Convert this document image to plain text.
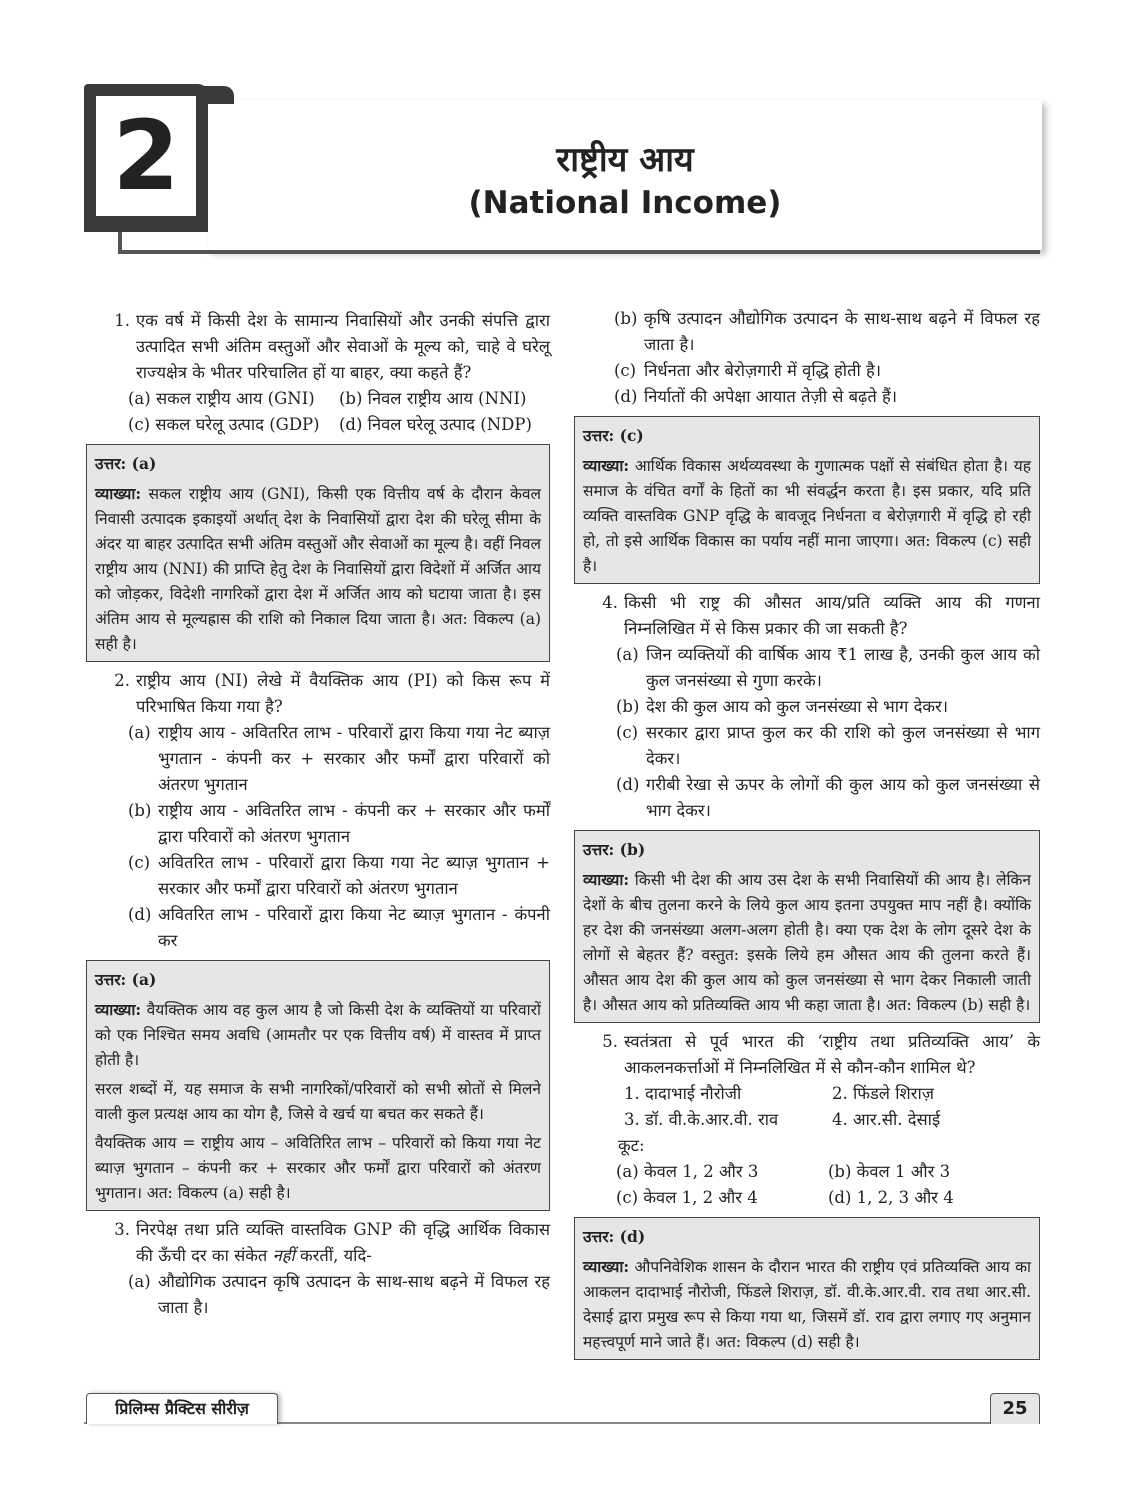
2	राष्ट्रीय आय
(National Income)
1. एक वर्ष में किसी देश के सामान्य निवासियों और उनकी संपत्ति द्वारा उत्पादित सभी अंतिम वस्तुओं और सेवाओं के मूल्य को, चाहे वे घरेलू राज्यक्षेत्र के भीतर परिचालित हों या बाहर, क्या कहते हैं?
(a) सकल राष्ट्रीय आय (GNI)	(b) निवल राष्ट्रीय आय (NNI)
(c) सकल घरेलू उत्पाद (GDP)	(d) निवल घरेलू उत्पाद (NDP)

उत्तर: (a)

व्याख्या: सकल राष्ट्रीय आय (GNI), किसी एक वित्तीय वर्ष के दौरान केवल निवासी उत्पादक इकाइयों अर्थात् देश के निवासियों द्वारा देश की घरेलू सीमा के अंदर या बाहर उत्पादित सभी अंतिम वस्तुओं और सेवाओं का मूल्य है। वहीं निवल राष्ट्रीय आय (NNI) की प्राप्ति हेतु देश के निवासियों द्वारा विदेशों में अर्जित आय को जोड़कर, विदेशी नागरिकों द्वारा देश में अर्जित आय को घटाया जाता है। इस अंतिम आय से मूल्यह्रास की राशि को निकाल दिया जाता है। अत: विकल्प (a) सही है।

2. राष्ट्रीय आय (NI) लेखे में वैयक्तिक आय (PI) को किस रूप में परिभाषित किया गया है?
(a) राष्ट्रीय आय - अवितरित लाभ - परिवारों द्वारा किया गया नेट ब्याज़ भुगतान - कंपनी कर + सरकार और फर्मों द्वारा परिवारों को अंतरण भुगतान
(b) राष्ट्रीय आय - अवितरित लाभ - कंपनी कर + सरकार और फर्मों द्वारा परिवारों को अंतरण भुगतान
(c) अवितरित लाभ - परिवारों द्वारा किया गया नेट ब्याज़ भुगतान + सरकार और फर्मों द्वारा परिवारों को अंतरण भुगतान
(d) अवितरित लाभ - परिवारों द्वारा किया नेट ब्याज़ भुगतान - कंपनी कर

उत्तर: (a)

व्याख्या: वैयक्तिक आय वह कुल आय है जो किसी देश के व्यक्तियों या परिवारों को एक निश्चित समय अवधि (आमतौर पर एक वित्तीय वर्ष) में वास्तव में प्राप्त होती है।

सरल शब्दों में, यह समाज के सभी नागरिकों/परिवारों को सभी स्रोतों से मिलने वाली कुल प्रत्यक्ष आय का योग है, जिसे वे खर्च या बचत कर सकते हैं।

वैयक्तिक आय = राष्ट्रीय आय – अवितिरित लाभ – परिवारों को किया गया नेट ब्याज़ भुगतान – कंपनी कर + सरकार और फर्मों द्वारा परिवारों को अंतरण भुगतान। अत: विकल्प (a) सही है।

3. निरपेक्ष तथा प्रति व्यक्ति वास्तविक GNP की वृद्धि आर्थिक विकास की ऊँची दर का संकेत नहीं करतीं, यदि-
(a) औद्योगिक उत्पादन कृषि उत्पादन के साथ-साथ बढ़ने में विफल रह जाता है।
(b) कृषि उत्पादन औद्योगिक उत्पादन के साथ-साथ बढ़ने में विफल रह जाता है।
(c) निर्धनता और बेरोज़गारी में वृद्धि होती है।
(d) निर्यातों की अपेक्षा आयात तेज़ी से बढ़ते हैं।

उत्तर: (c)

व्याख्या: आर्थिक विकास अर्थव्यवस्था के गुणात्मक पक्षों से संबंधित होता है। यह समाज के वंचित वर्गों के हितों का भी संवर्द्धन करता है। इस प्रकार, यदि प्रति व्यक्ति वास्तविक GNP वृद्धि के बावजूद निर्धनता व बेरोज़गारी में वृद्धि हो रही हो, तो इसे आर्थिक विकास का पर्याय नहीं माना जाएगा। अत: विकल्प (c) सही है।

4. किसी भी राष्ट्र की औसत आय/प्रति व्यक्ति आय की गणना निम्नलिखित में से किस प्रकार की जा सकती है?
(a) जिन व्यक्तियों की वार्षिक आय ₹1 लाख है, उनकी कुल आय को कुल जनसंख्या से गुणा करके।
(b) देश की कुल आय को कुल जनसंख्या से भाग देकर।
(c) सरकार द्वारा प्राप्त कुल कर की राशि को कुल जनसंख्या से भाग देकर।
(d) गरीबी रेखा से ऊपर के लोगों की कुल आय को कुल जनसंख्या से भाग देकर।

उत्तर: (b)

व्याख्या: किसी भी देश की आय उस देश के सभी निवासियों की आय है। लेकिन देशों के बीच तुलना करने के लिये कुल आय इतना उपयुक्त माप नहीं है। क्योंकि हर देश की जनसंख्या अलग-अलग होती है। क्या एक देश के लोग दूसरे देश के लोगों से बेहतर हैं? वस्तुत: इसके लिये हम औसत आय की तुलना करते हैं। औसत आय देश की कुल आय को कुल जनसंख्या से भाग देकर निकाली जाती है। औसत आय को प्रतिव्यक्ति आय भी कहा जाता है। अत: विकल्प (b) सही है।

5. स्वतंत्रता से पूर्व भारत की ‘राष्ट्रीय तथा प्रतिव्यक्ति आय’ के आकलनकर्त्ताओं में निम्नलिखित में से कौन-कौन शामिल थे?
1. दादाभाई नौरोजी	2. फिंडले शिराज़
3. डॉ. वी.के.आर.वी. राव	4. आर.सी. देसाई
कूट:
(a) केवल 1, 2 और 3	(b) केवल 1 और 3
(c) केवल 1, 2 और 4	(d) 1, 2, 3 और 4

उत्तर: (d)

व्याख्या: औपनिवेशिक शासन के दौरान भारत की राष्ट्रीय एवं प्रतिव्यक्ति आय का आकलन दादाभाई नौरोजी, फिंडले शिराज़, डॉ. वी.के.आर.वी. राव तथा आर.सी. देसाई द्वारा प्रमुख रूप से किया गया था, जिसमें डॉ. राव द्वारा लगाए गए अनुमान महत्त्वपूर्ण माने जाते हैं। अत: विकल्प (d) सही है।

प्रिलिम्स प्रैक्टिस सीरीज़	25
